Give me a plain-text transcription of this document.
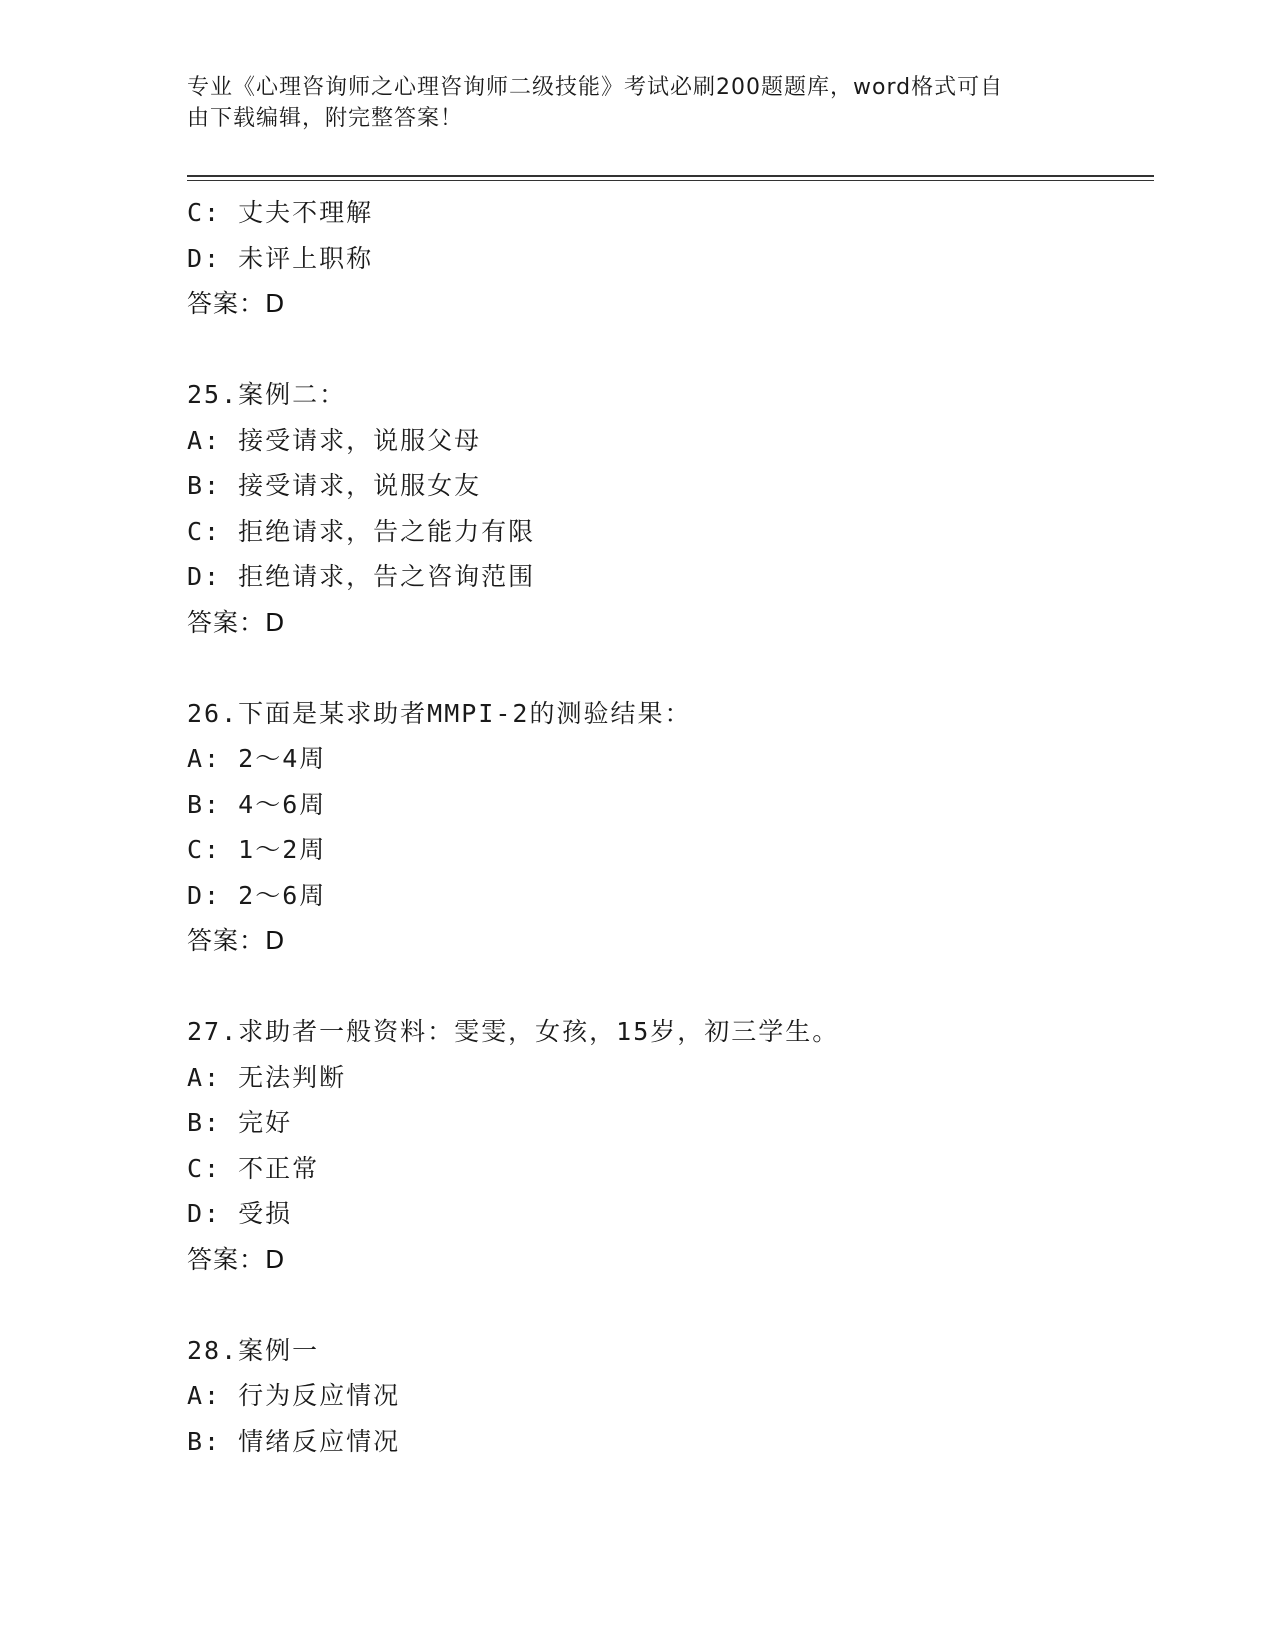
专业《心理咨询师之心理咨询师二级技能》考试必刷200题题库，word格式可自
由下载编辑，附完整答案！
C: 丈夫不理解
D: 未评上职称
答案：D
25.案例二：
A: 接受请求，说服父母
B: 接受请求，说服女友
C: 拒绝请求，告之能力有限
D: 拒绝请求，告之咨询范围
答案：D
26.下面是某求助者MMPI-2的测验结果：
A: 2～4周
B: 4～6周
C: 1～2周
D: 2～6周
答案：D
27.求助者一般资料：雯雯，女孩，15岁，初三学生。
A: 无法判断
B: 完好
C: 不正常
D: 受损
答案：D
28.案例一
A: 行为反应情况
B: 情绪反应情况
